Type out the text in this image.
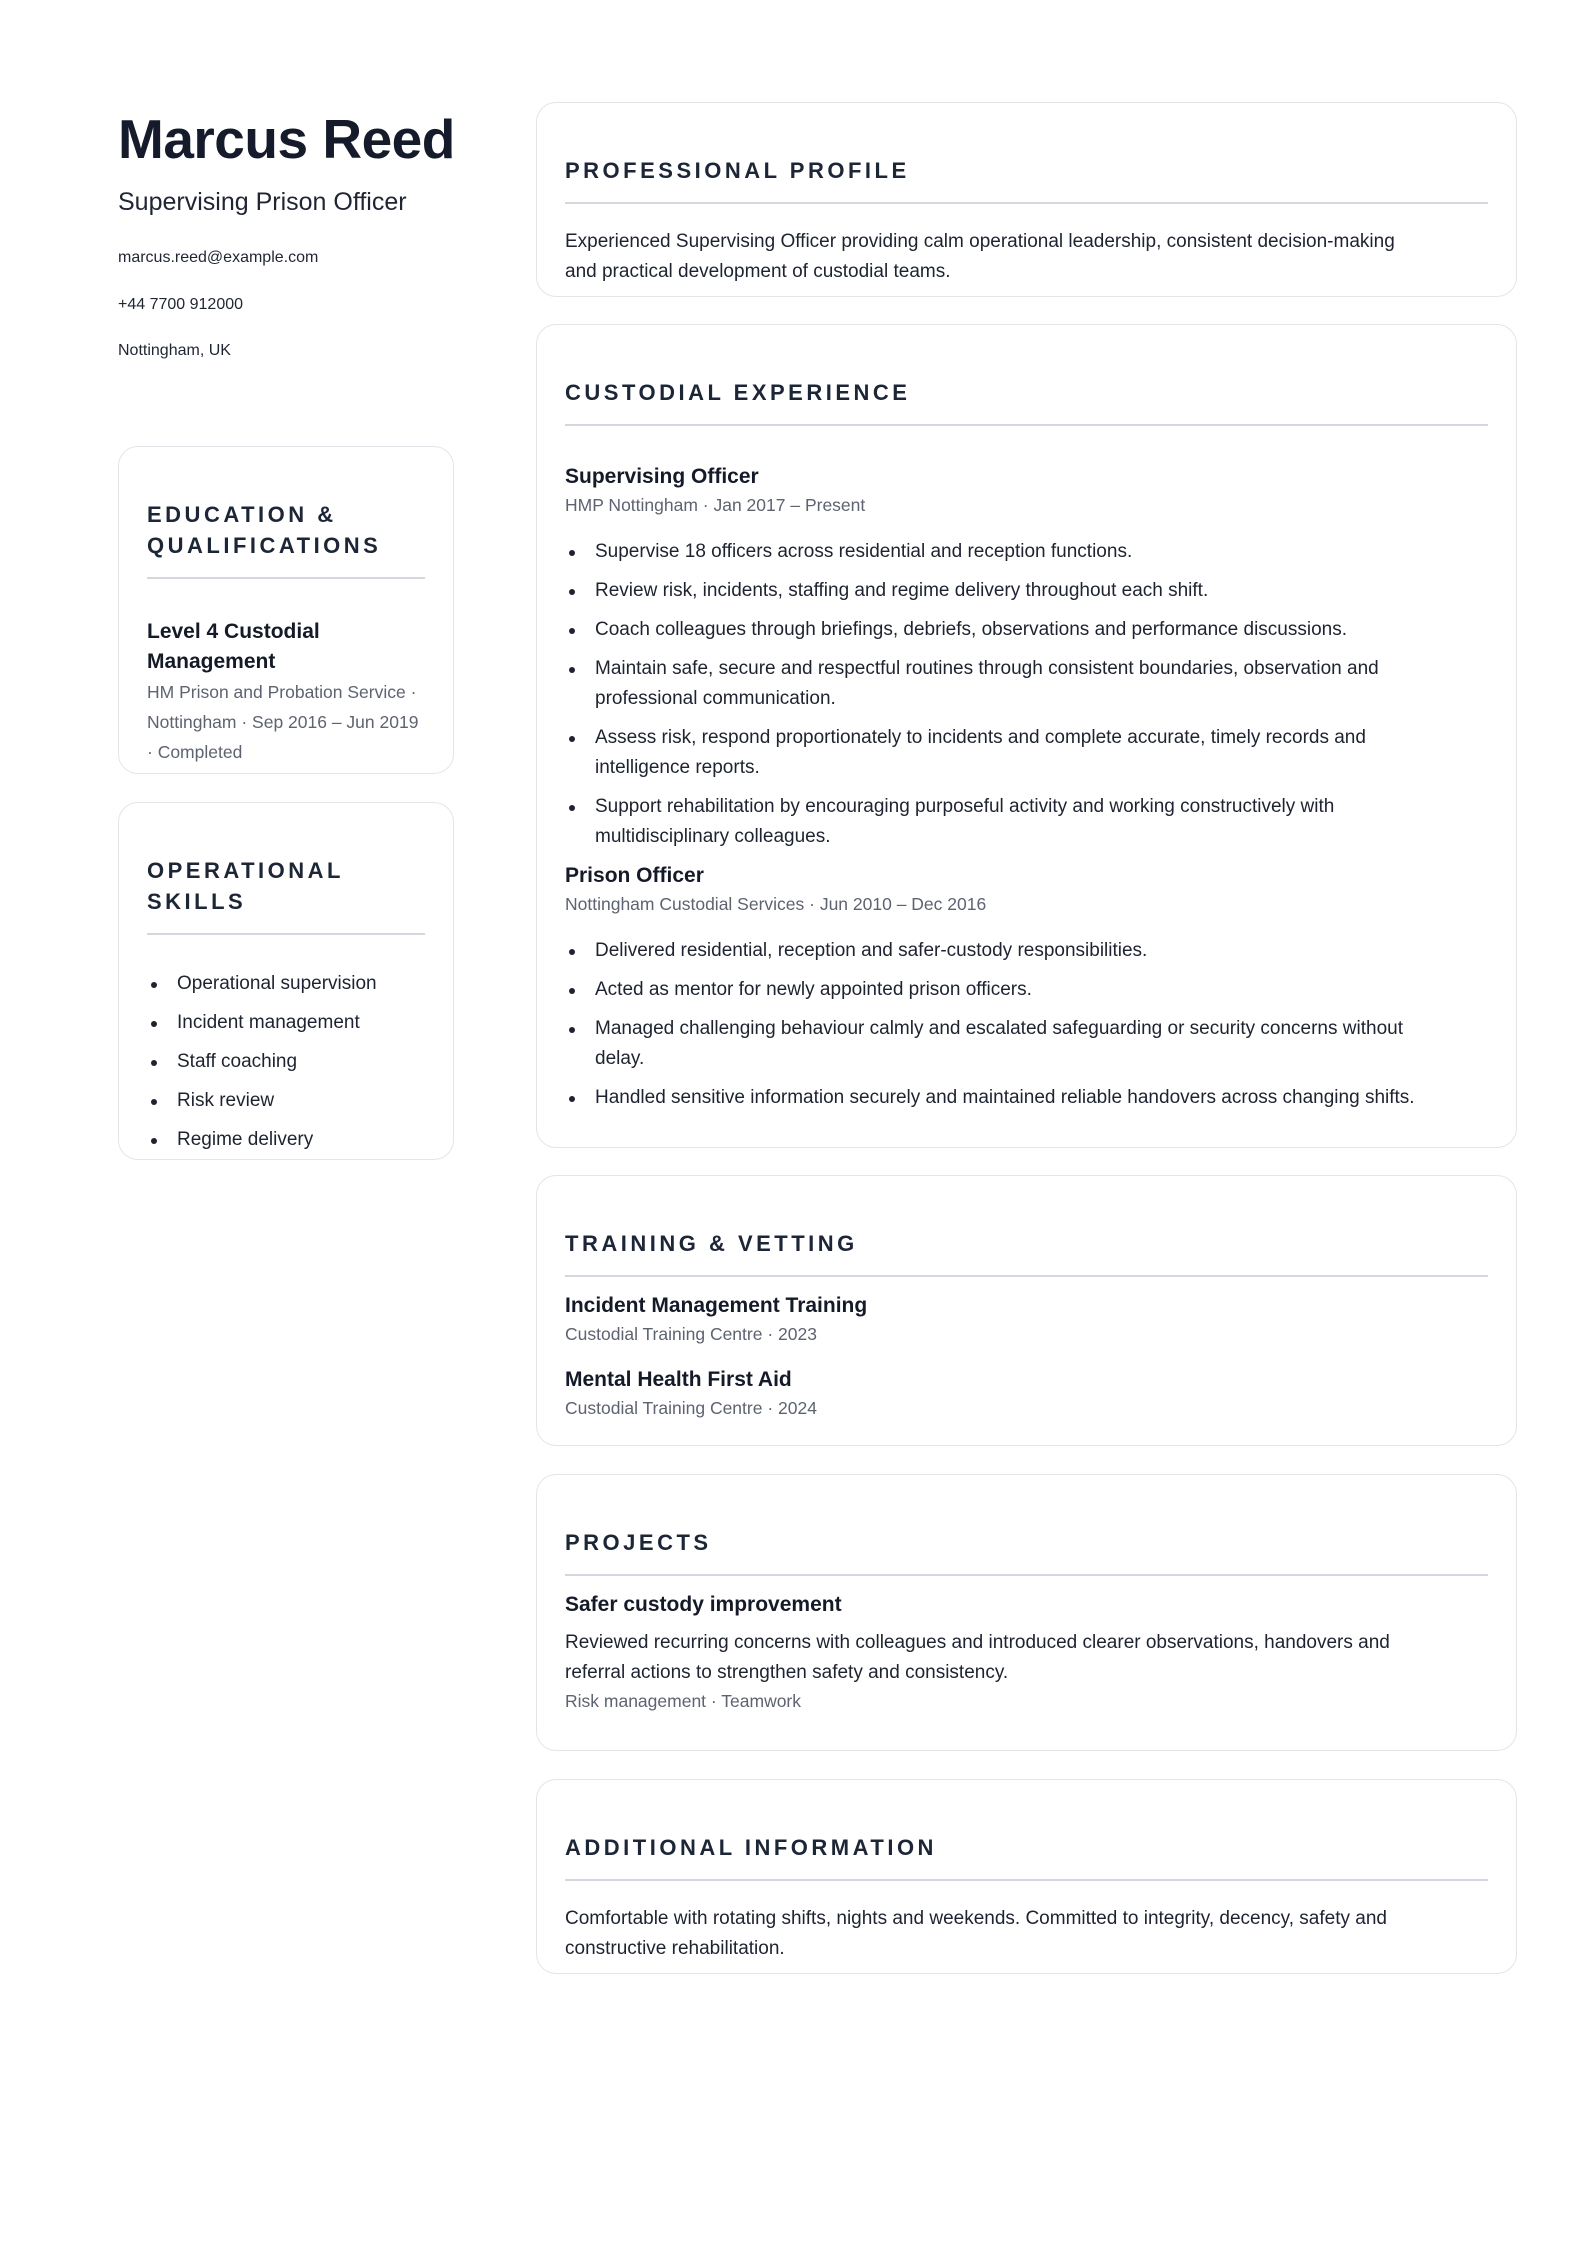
Marcus Reed
Supervising Prison Officer
marcus.reed@example.com
+44 7700 912000
Nottingham, UK
EDUCATION &
QUALIFICATIONS
Level 4 Custodial
Management
HM Prison and Probation Service ·
Nottingham · Sep 2016 – Jun 2019
· Completed
OPERATIONAL
SKILLS
Operational supervision
Incident management
Staff coaching
Risk review
Regime delivery
PROFESSIONAL PROFILE
Experienced Supervising Officer providing calm operational leadership, consistent decision-making
and practical development of custodial teams.
CUSTODIAL EXPERIENCE
Supervising Officer
HMP Nottingham · Jan 2017 – Present
Supervise 18 officers across residential and reception functions.
Review risk, incidents, staffing and regime delivery throughout each shift.
Coach colleagues through briefings, debriefs, observations and performance discussions.
Maintain safe, secure and respectful routines through consistent boundaries, observation and
professional communication.
Assess risk, respond proportionately to incidents and complete accurate, timely records and
intelligence reports.
Support rehabilitation by encouraging purposeful activity and working constructively with
multidisciplinary colleagues.
Prison Officer
Nottingham Custodial Services · Jun 2010 – Dec 2016
Delivered residential, reception and safer-custody responsibilities.
Acted as mentor for newly appointed prison officers.
Managed challenging behaviour calmly and escalated safeguarding or security concerns without
delay.
Handled sensitive information securely and maintained reliable handovers across changing shifts.
TRAINING & VETTING
Incident Management Training
Custodial Training Centre · 2023
Mental Health First Aid
Custodial Training Centre · 2024
PROJECTS
Safer custody improvement
Reviewed recurring concerns with colleagues and introduced clearer observations, handovers and
referral actions to strengthen safety and consistency.
Risk management · Teamwork
ADDITIONAL INFORMATION
Comfortable with rotating shifts, nights and weekends. Committed to integrity, decency, safety and
constructive rehabilitation.
